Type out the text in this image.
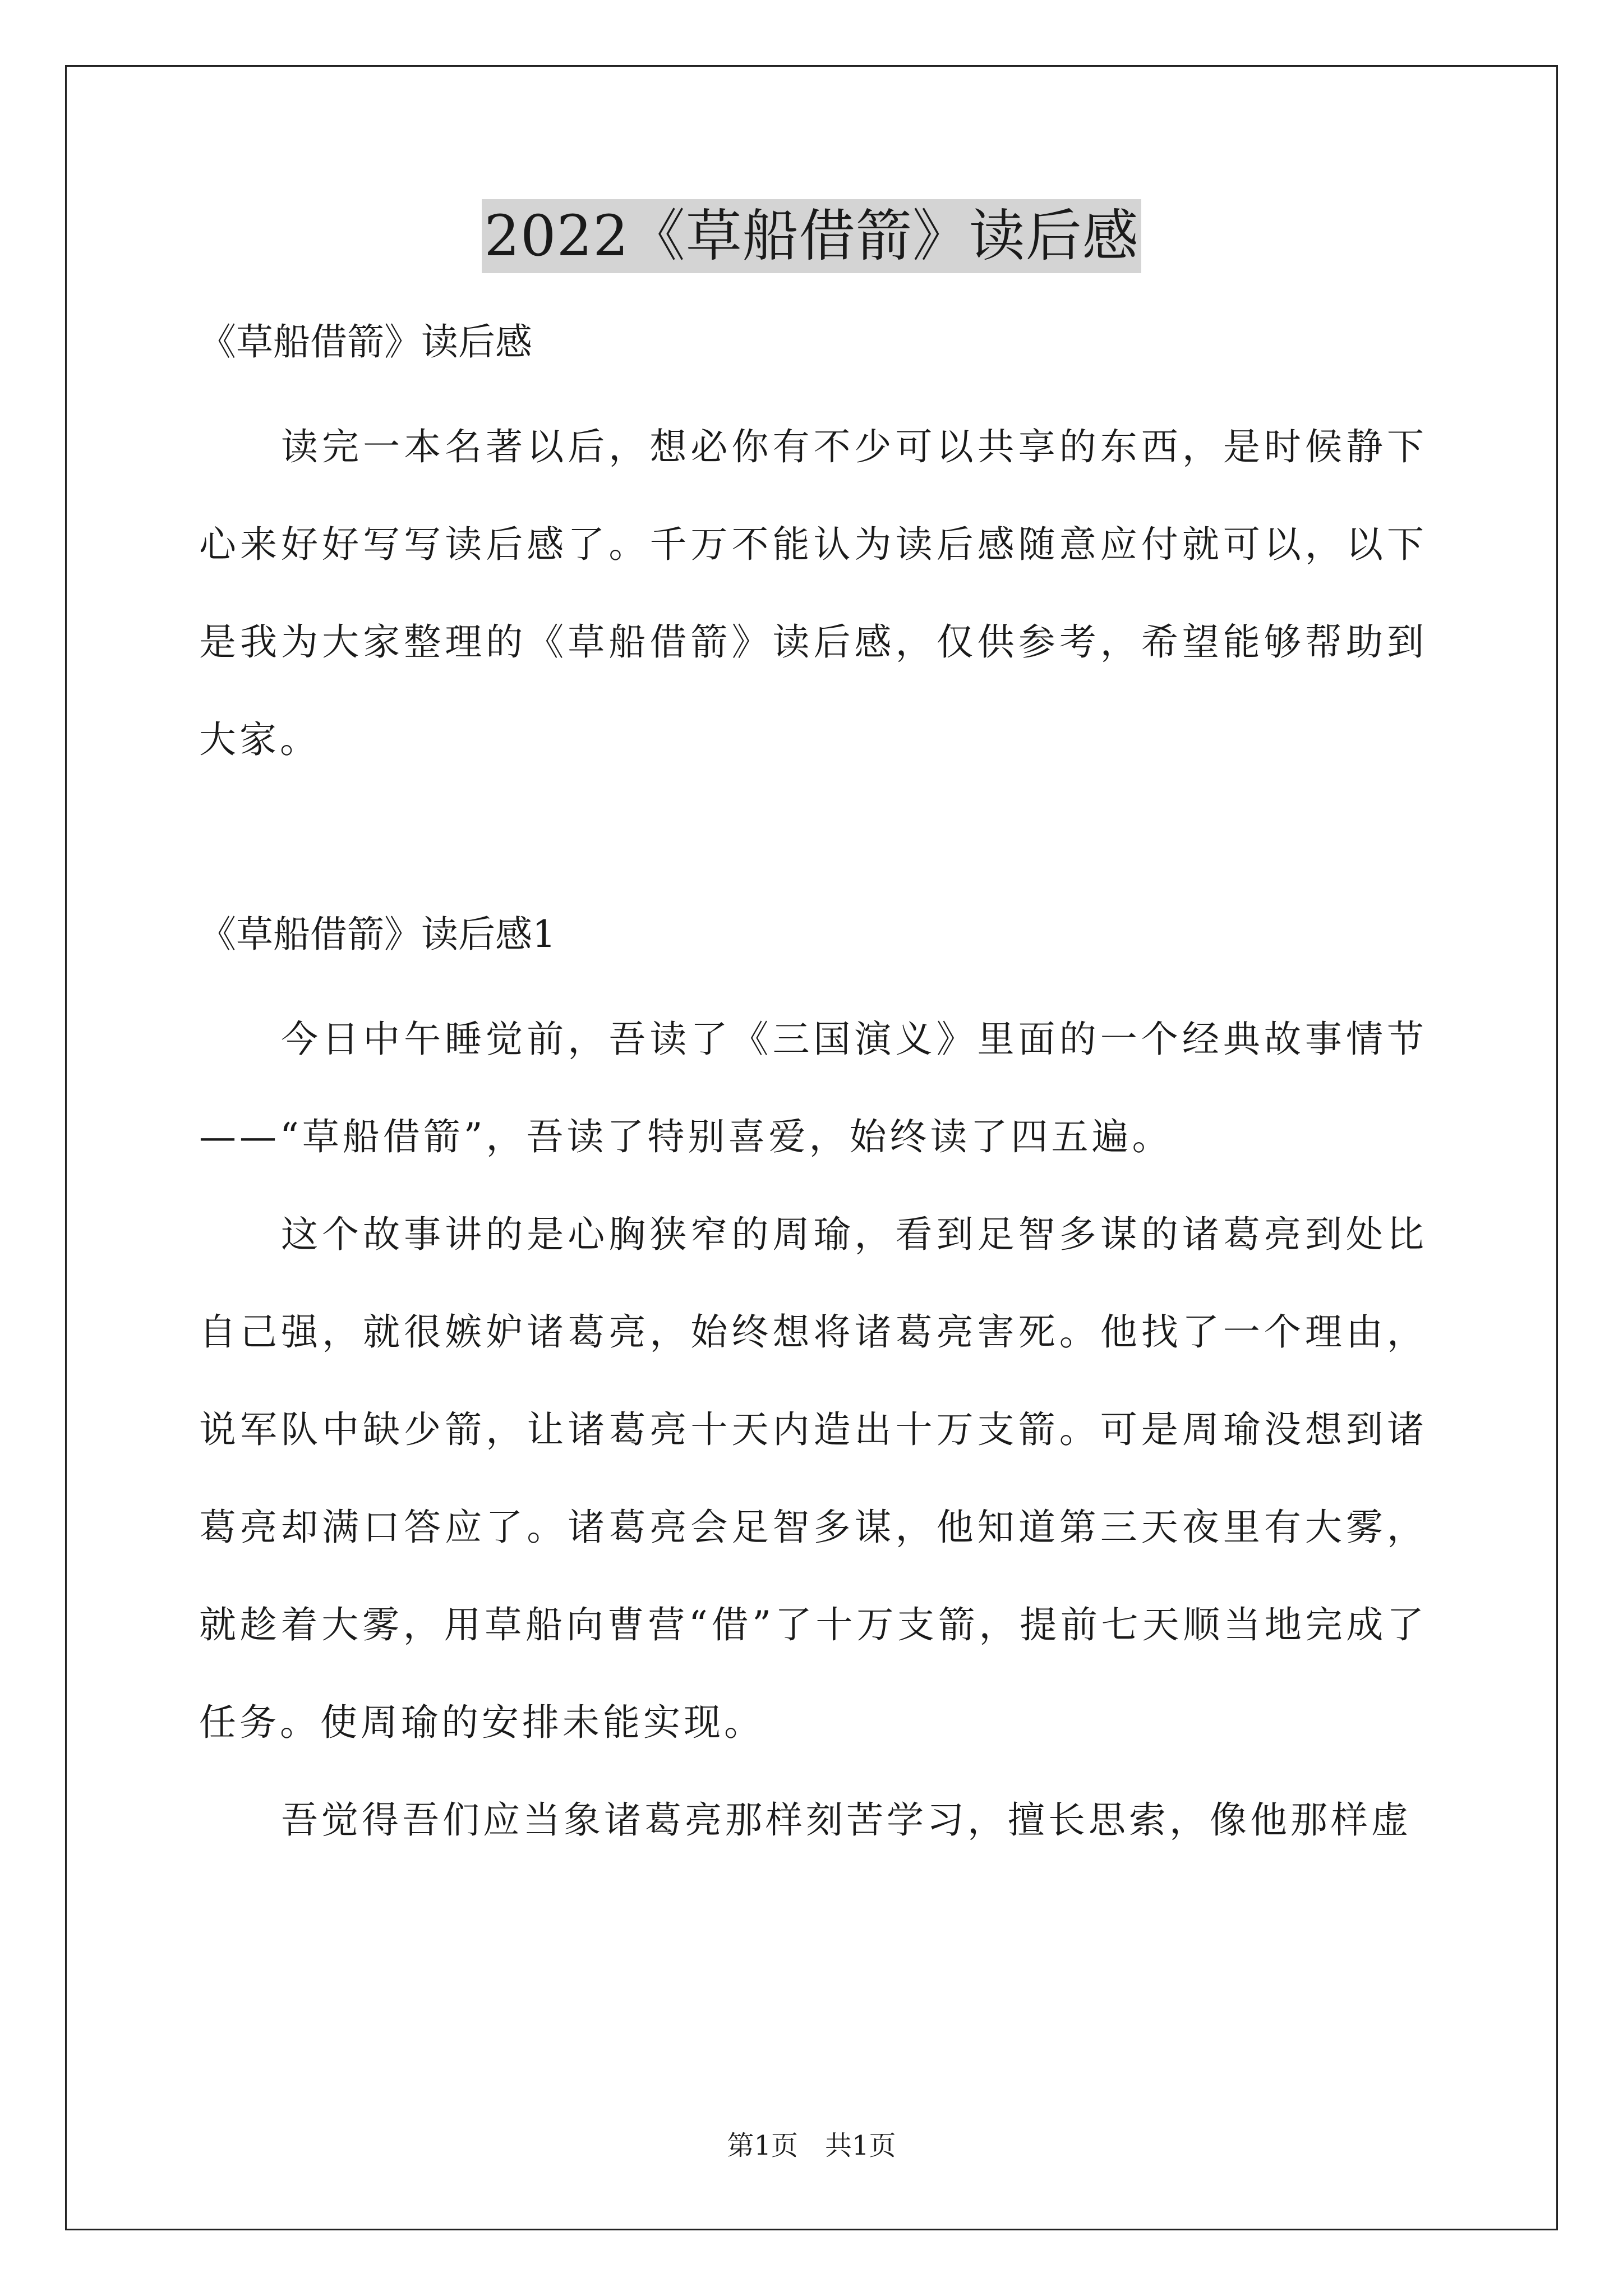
2022《草船借箭》读后感

《草船借箭》读后感

读完一本名著以后，想必你有不少可以共享的东西，是时候静下心来好好写写读后感了。千万不能认为读后感随意应付就可以，以下是我为大家整理的《草船借箭》读后感，仅供参考，希望能够帮助到大家。

《草船借箭》读后感1

今日中午睡觉前，吾读了《三国演义》里面的一个经典故事情节——“草船借箭”，吾读了特别喜爱，始终读了四五遍。

这个故事讲的是心胸狭窄的周瑜，看到足智多谋的诸葛亮到处比自己强，就很嫉妒诸葛亮，始终想将诸葛亮害死。他找了一个理由，说军队中缺少箭，让诸葛亮十天内造出十万支箭。可是周瑜没想到诸葛亮却满口答应了。诸葛亮会足智多谋，他知道第三天夜里有大雾，就趁着大雾，用草船向曹营“借”了十万支箭，提前七天顺当地完成了任务。使周瑜的安排未能实现。

吾觉得吾们应当象诸葛亮那样刻苦学习，擅长思索，像他那样虚

第1页　共1页
